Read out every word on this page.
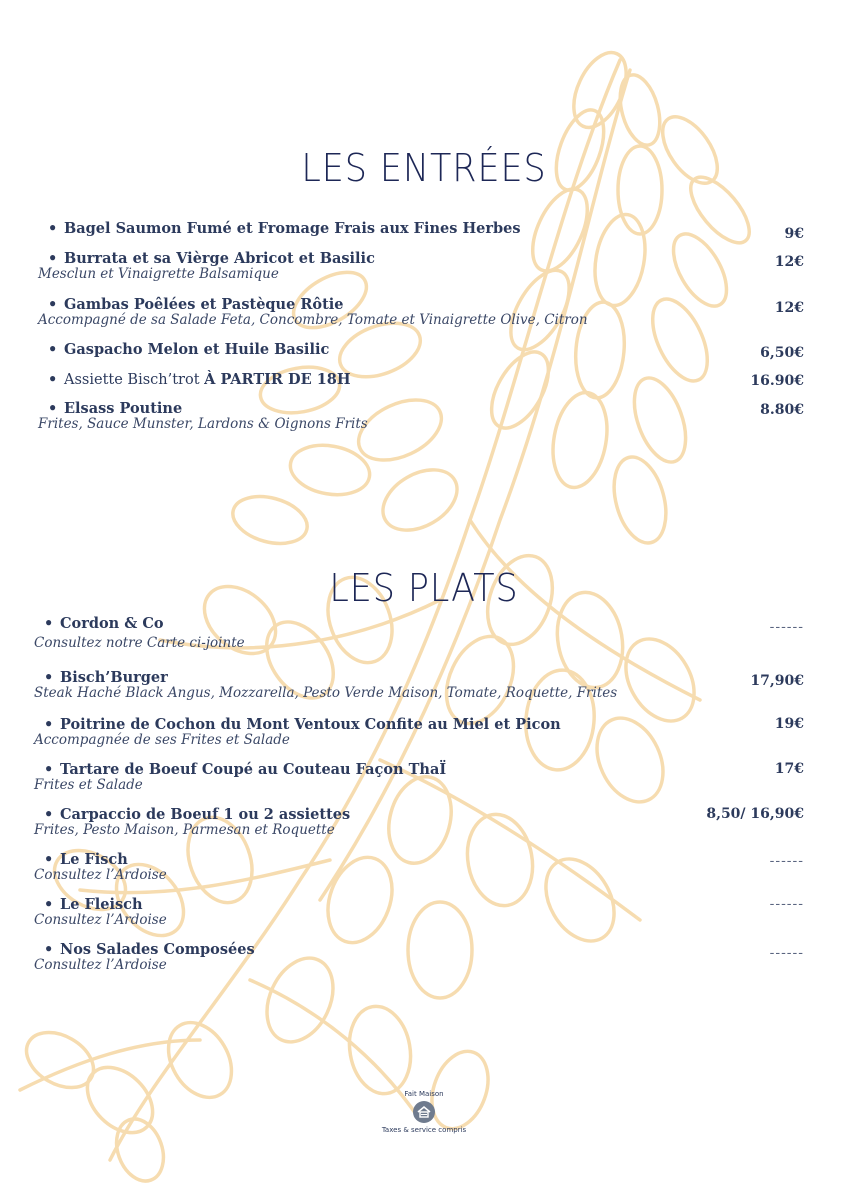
LES ENTRÉES
• Bagel Saumon Fumé et Fromage Frais aux Fines Herbes	9€
• Burrata et sa Vièrge Abricot et Basilic
Mesclun et Vinaigrette Balsamique
12€
• Gambas Poêlées et Pastèque Rôtie
Accompagné de sa Salade Feta, Concombre, Tomate et Vinaigrette Olive, Citron
12€
• Gaspacho Melon et Huile Basilic	6,50€
• Assiette Bisch’trot À PARTIR DE 18H	16.90€
• Elsass Poutine
Frites, Sauce Munster, Lardons & Oignons Frits
8.80€
LES PLATS
• Cordon & Co
Consultez notre Carte ci-jointe
------
• Bisch’Burger
Steak Haché Black Angus, Mozzarella, Pesto Verde Maison, Tomate, Roquette, Frites
17,90€
• Poitrine de Cochon du Mont Ventoux Confite au Miel et Picon
Accompagnée de ses Frites et Salade
19€
• Tartare de Boeuf Coupé au Couteau Façon ThaÏ
Frites et Salade
17€
• Carpaccio de Boeuf 1 ou 2 assiettes
Frites, Pesto Maison, Parmesan et Roquette
8,50/ 16,90€
• Le Fisch
Consultez l’Ardoise
------
• Le Fleisch
Consultez l’Ardoise
------
• Nos Salades Composées
Consultez l’Ardoise
------
Fait Maison
Taxes & service compris
